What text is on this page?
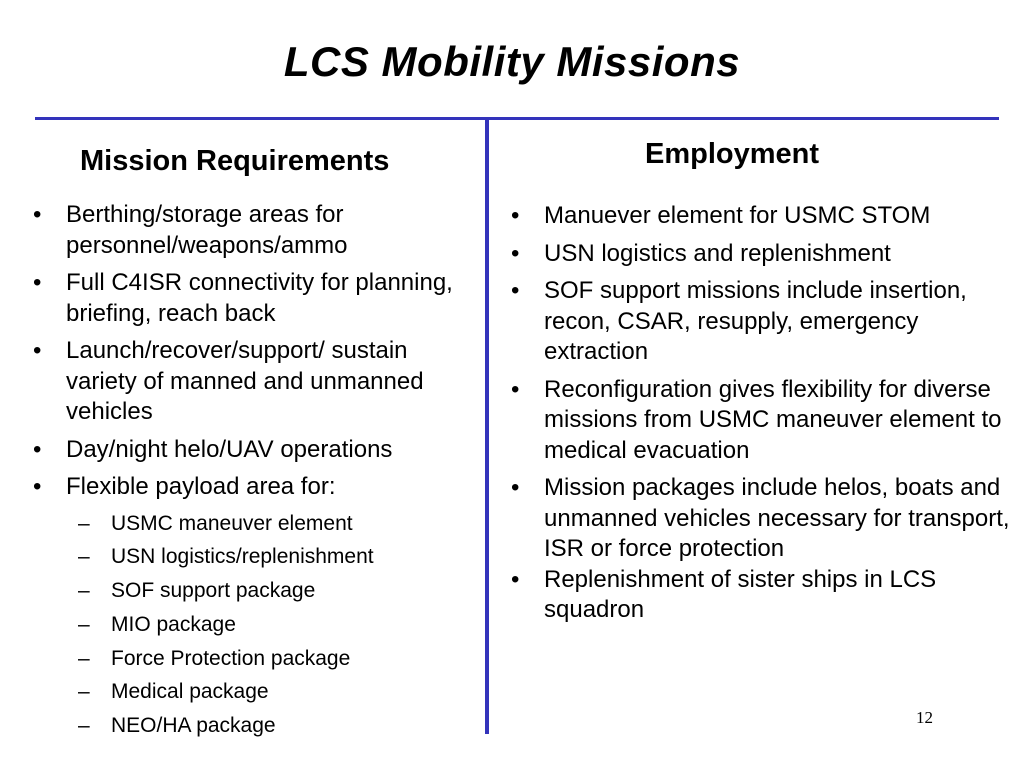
LCS Mobility Missions
Mission Requirements	Employment
• Berthing/storage areas for personnel/weapons/ammo
• Full C4ISR connectivity for planning, briefing, reach back
• Launch/recover/support/ sustain variety of manned and unmanned vehicles
• Day/night helo/UAV operations
• Flexible payload area for:
– USMC maneuver element
– USN logistics/replenishment
– SOF support package
– MIO package
– Force Protection package
– Medical package
– NEO/HA package
• Manuever element for USMC STOM
• USN logistics and replenishment
• SOF support missions include insertion, recon, CSAR, resupply, emergency extraction
• Reconfiguration gives flexibility for diverse missions from USMC maneuver element to medical evacuation
• Mission packages include helos, boats and unmanned vehicles necessary for transport, ISR or force protection
• Replenishment of sister ships in LCS squadron
12
